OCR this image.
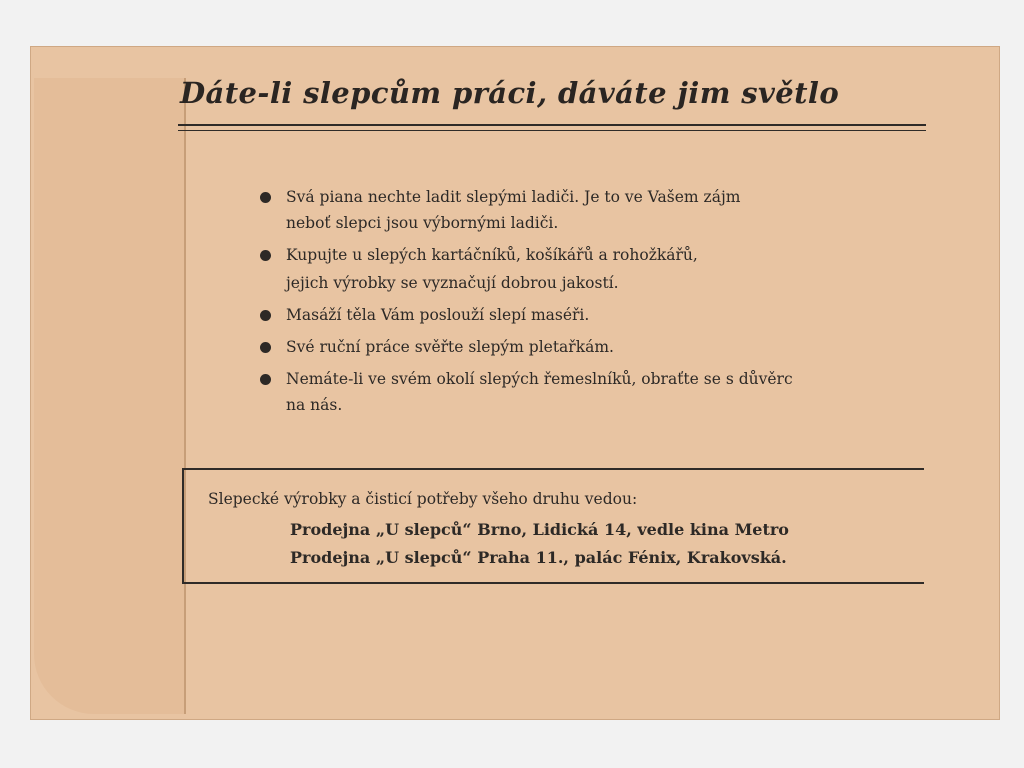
Dáte-li slepcům práci, dáváte jim světlo
Svá piana nechte ladit slepými ladiči. Je to ve Vašem zájm
neboť slepci jsou výbornými ladiči.
Kupujte u slepých kartáčníků, košíkářů a rohožkářů,
jejich výrobky se vyznačují dobrou jakostí.
Masáží těla Vám poslouží slepí maséři.
Své ruční práce svěřte slepým pletařkám.
Nemáte-li ve svém okolí slepých řemeslníků, obraťte se s důvěrc
na nás.
Slepecké výrobky a čisticí potřeby všeho druhu vedou:
Prodejna „U slepců“ Brno, Lidická 14, vedle kina Metro
Prodejna „U slepců“ Praha 11., palác Fénix, Krakovská.
